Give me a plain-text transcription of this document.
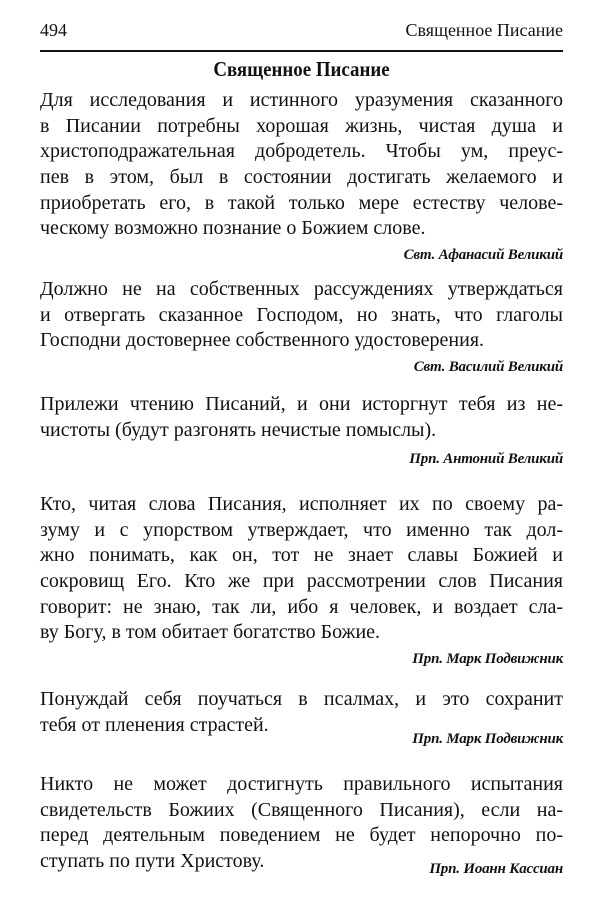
494	Священное Писание
Священное Писание
Для исследования и истинного уразумения сказанного
в Писании потребны хорошая жизнь, чистая душа и
христоподражательная добродетель. Чтобы ум, преус-
пев в этом, был в состоянии достигать желаемого и
приобретать его, в такой только мере естеству челове-
ческому возможно познание о Божием слове.
Свт. Афанасий Великий
Должно не на собственных рассуждениях утверждаться
и отвергать сказанное Господом, но знать, что глаголы
Господни достовернее собственного удостоверения.
Свт. Василий Великий
Прилежи чтению Писаний, и они исторгнут тебя из не-
чистоты (будут разгонять нечистые помыслы).
Прп. Антоний Великий
Кто, читая слова Писания, исполняет их по своему ра-
зуму и с упорством утверждает, что именно так дол-
жно понимать, как он, тот не знает славы Божией и
сокровищ Его. Кто же при рассмотрении слов Писания
говорит: не знаю, так ли, ибо я человек, и воздает сла-
ву Богу, в том обитает богатство Божие.
Прп. Марк Подвижник
Понуждай себя поучаться в псалмах, и это сохранит
тебя от пленения страстей.
Прп. Марк Подвижник
Никто не может достигнуть правильного испытания
свидетельств Божиих (Священного Писания), если на-
перед деятельным поведением не будет непорочно по-
ступать по пути Христову.	Прп. Иоанн Кассиан
